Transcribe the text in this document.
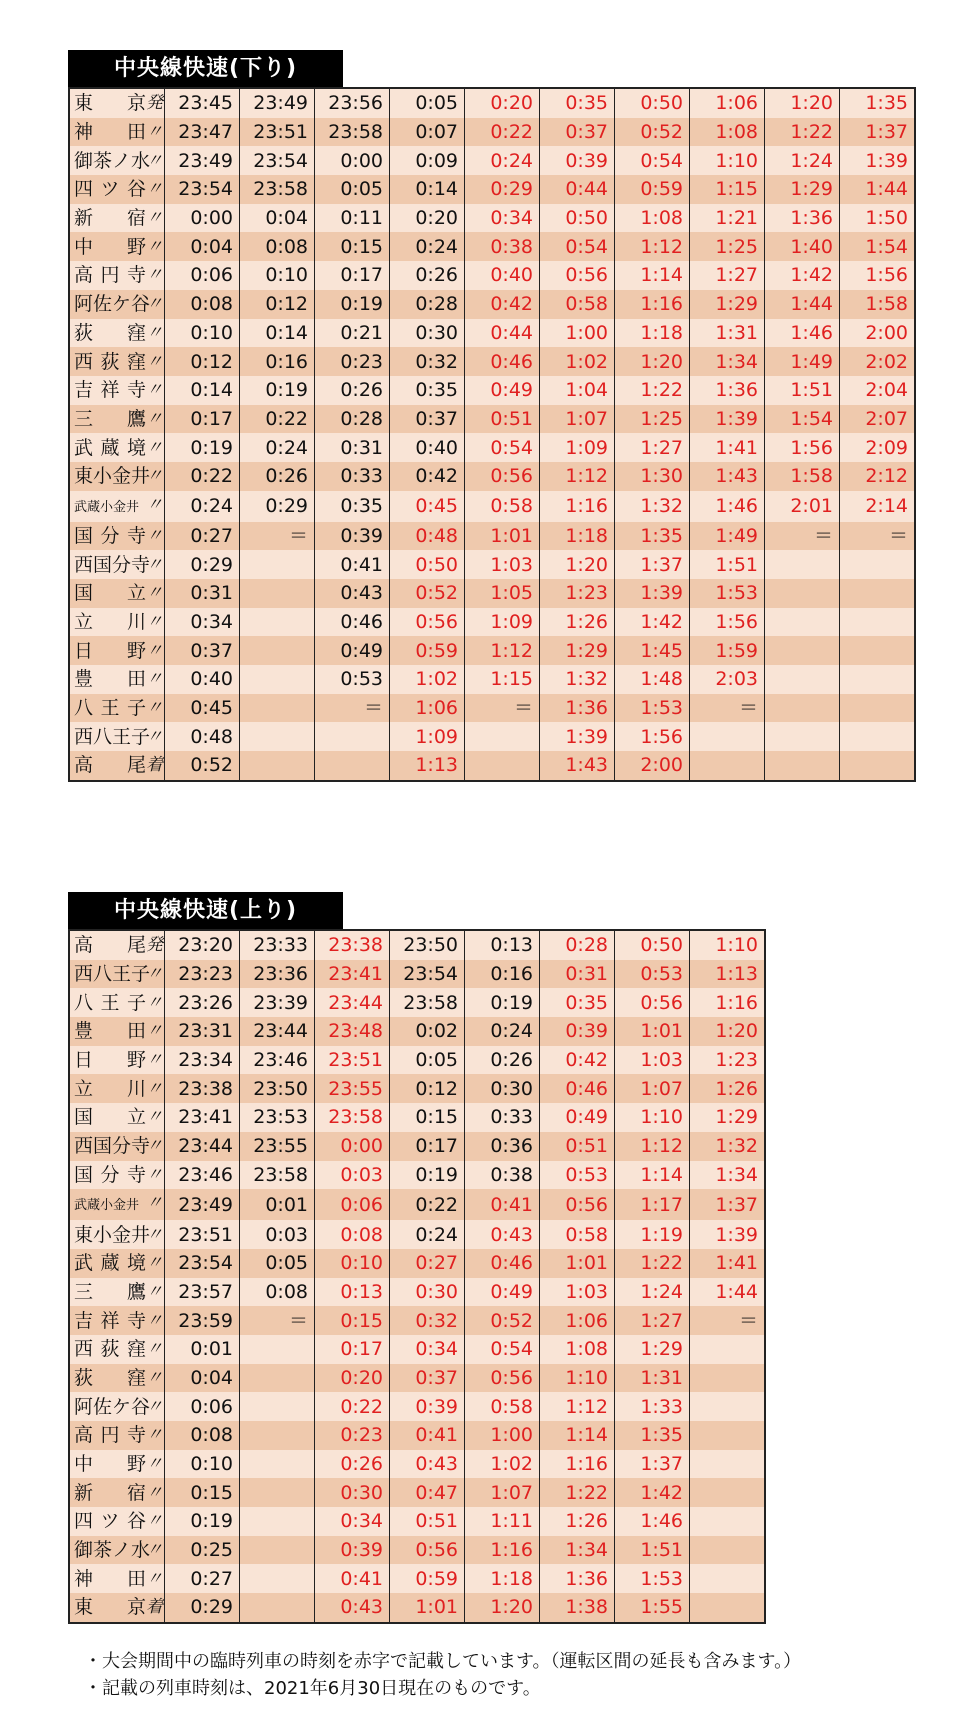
中央線快速(下り)
発
東　京	23:45	23:49	23:56	0:05	0:20	0:35	0:50	1:06	1:20	1:35

〃
神　田	23:47	23:51	23:58	0:07	0:22	0:37	0:52	1:08	1:22	1:37

〃
御茶ノ水	23:49	23:54	0:00	0:09	0:24	0:39	0:54	1:10	1:24	1:39

〃
四ツ谷	23:54	23:58	0:05	0:14	0:29	0:44	0:59	1:15	1:29	1:44

〃
新　宿	0:00	0:04	0:11	0:20	0:34	0:50	1:08	1:21	1:36	1:50

〃
中　野	0:04	0:08	0:15	0:24	0:38	0:54	1:12	1:25	1:40	1:54

〃
高円寺	0:06	0:10	0:17	0:26	0:40	0:56	1:14	1:27	1:42	1:56

〃
阿佐ケ谷	0:08	0:12	0:19	0:28	0:42	0:58	1:16	1:29	1:44	1:58

〃
荻　窪	0:10	0:14	0:21	0:30	0:44	1:00	1:18	1:31	1:46	2:00

〃
西荻窪	0:12	0:16	0:23	0:32	0:46	1:02	1:20	1:34	1:49	2:02

〃
吉祥寺	0:14	0:19	0:26	0:35	0:49	1:04	1:22	1:36	1:51	2:04

〃
三　鷹	0:17	0:22	0:28	0:37	0:51	1:07	1:25	1:39	1:54	2:07

〃
武蔵境	0:19	0:24	0:31	0:40	0:54	1:09	1:27	1:41	1:56	2:09

〃
東小金井	0:22	0:26	0:33	0:42	0:56	1:12	1:30	1:43	1:58	2:12

〃
武蔵小金井	0:24	0:29	0:35	0:45	0:58	1:16	1:32	1:46	2:01	2:14

〃
国分寺	0:27	＝	0:39	0:48	1:01	1:18	1:35	1:49	＝	＝

〃
西国分寺	0:29		0:41	0:50	1:03	1:20	1:37	1:51		

〃
国　立	0:31		0:43	0:52	1:05	1:23	1:39	1:53		

〃
立　川	0:34		0:46	0:56	1:09	1:26	1:42	1:56		

〃
日　野	0:37		0:49	0:59	1:12	1:29	1:45	1:59		

〃
豊　田	0:40		0:53	1:02	1:15	1:32	1:48	2:03		

〃
八王子	0:45		＝	1:06	＝	1:36	1:53	＝		

〃
西八王子	0:48			1:09		1:39	1:56			

着
高　尾	0:52			1:13		1:43	2:00			
中央線快速(上り)
発
高　尾	23:20	23:33	23:38	23:50	0:13	0:28	0:50	1:10

〃
西八王子	23:23	23:36	23:41	23:54	0:16	0:31	0:53	1:13

〃
八王子	23:26	23:39	23:44	23:58	0:19	0:35	0:56	1:16

〃
豊　田	23:31	23:44	23:48	0:02	0:24	0:39	1:01	1:20

〃
日　野	23:34	23:46	23:51	0:05	0:26	0:42	1:03	1:23

〃
立　川	23:38	23:50	23:55	0:12	0:30	0:46	1:07	1:26

〃
国　立	23:41	23:53	23:58	0:15	0:33	0:49	1:10	1:29

〃
西国分寺	23:44	23:55	0:00	0:17	0:36	0:51	1:12	1:32

〃
国分寺	23:46	23:58	0:03	0:19	0:38	0:53	1:14	1:34

〃
武蔵小金井	23:49	0:01	0:06	0:22	0:41	0:56	1:17	1:37

〃
東小金井	23:51	0:03	0:08	0:24	0:43	0:58	1:19	1:39

〃
武蔵境	23:54	0:05	0:10	0:27	0:46	1:01	1:22	1:41

〃
三　鷹	23:57	0:08	0:13	0:30	0:49	1:03	1:24	1:44

〃
吉祥寺	23:59	＝	0:15	0:32	0:52	1:06	1:27	＝

〃
西荻窪	0:01		0:17	0:34	0:54	1:08	1:29	

〃
荻　窪	0:04		0:20	0:37	0:56	1:10	1:31	

〃
阿佐ケ谷	0:06		0:22	0:39	0:58	1:12	1:33	

〃
高円寺	0:08		0:23	0:41	1:00	1:14	1:35	

〃
中　野	0:10		0:26	0:43	1:02	1:16	1:37	

〃
新　宿	0:15		0:30	0:47	1:07	1:22	1:42	

〃
四ツ谷	0:19		0:34	0:51	1:11	1:26	1:46	

〃
御茶ノ水	0:25		0:39	0:56	1:16	1:34	1:51	

〃
神　田	0:27		0:41	0:59	1:18	1:36	1:53	

着
東　京	0:29		0:43	1:01	1:20	1:38	1:55	
・大会期間中の臨時列車の時刻を赤字で記載しています。（運転区間の延長も含みます。）
・記載の列車時刻は、2021年6月30日現在のものです。
